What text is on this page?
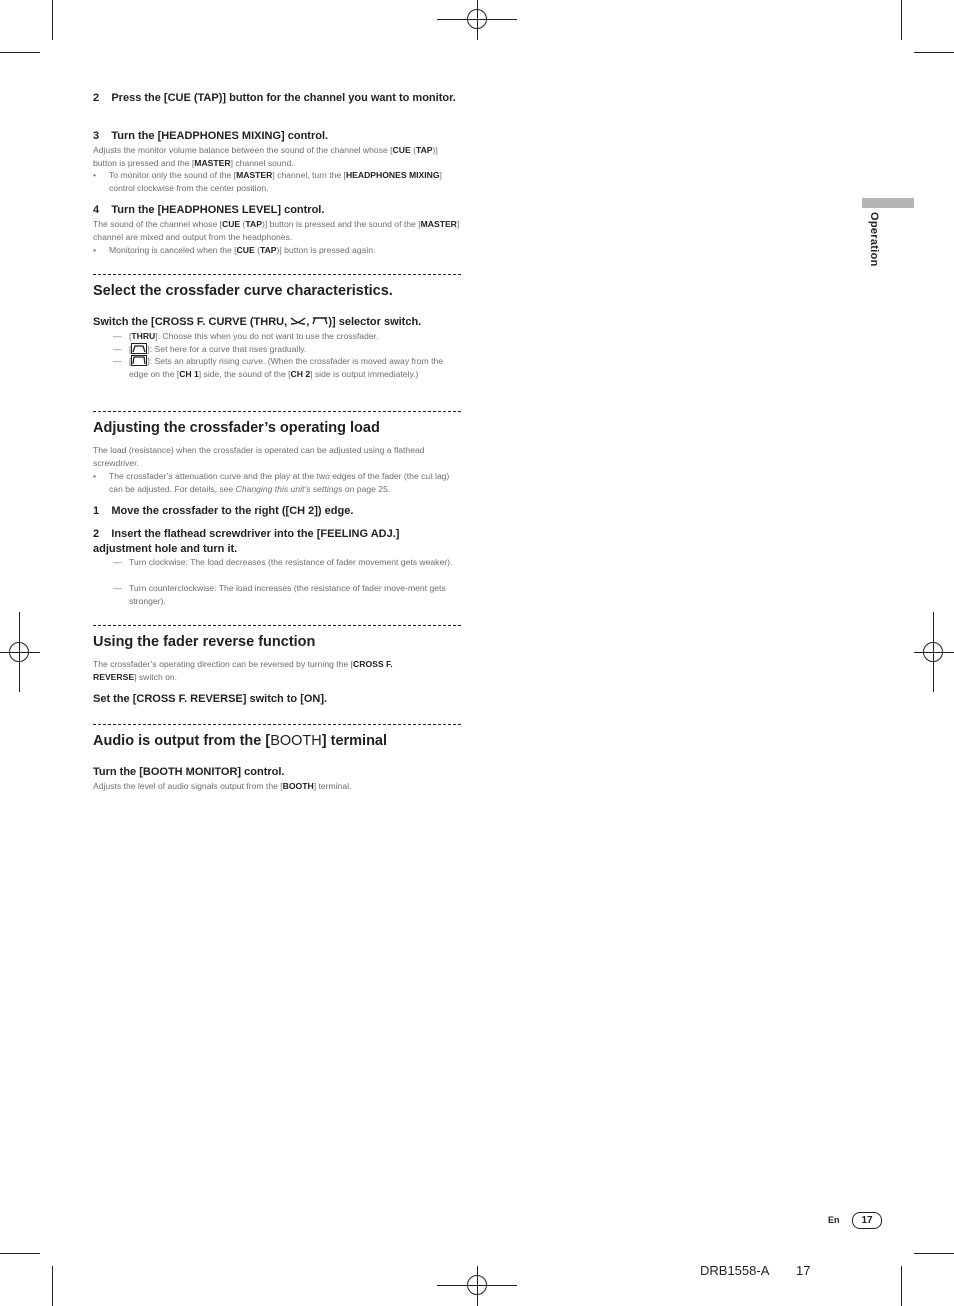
Operation
2    Press the [CUE (TAP)] button for the channel you want to monitor.
3    Turn the [HEADPHONES MIXING] control.
Adjusts the monitor volume balance between the sound of the channel whose [CUE (TAP)] button is pressed and the [MASTER] channel sound.
• To monitor only the sound of the [MASTER] channel, turn the [HEADPHONES MIXING] control clockwise from the center position.
4    Turn the [HEADPHONES LEVEL] control.
The sound of the channel whose [CUE (TAP)] button is pressed and the sound of the [MASTER] channel are mixed and output from the headphones.
• Monitoring is canceled when the [CUE (TAP)] button is pressed again.
Select the crossfader curve characteristics.
Switch the [CROSS F. CURVE (THRU, , )] selector switch.
— [THRU]: Choose this when you do not want to use the crossfader.
— [ ]: Set here for a curve that rises gradually.
— [ ]: Sets an abruptly rising curve. (When the crossfader is moved away from the edge on the [CH 1] side, the sound of the [CH 2] side is output immediately.)
Adjusting the crossfader’s operating load
The load (resistance) when the crossfader is operated can be adjusted using a flathead screwdriver.
• The crossfader’s attenuation curve and the play at the two edges of the fader (the cut lag) can be adjusted. For details, see Changing this unit’s settings on page 25.
1    Move the crossfader to the right ([CH 2]) edge.
2    Insert the flathead screwdriver into the [FEELING ADJ.] adjustment hole and turn it.
— Turn clockwise: The load decreases (the resistance of fader movement gets weaker).
— Turn counterclockwise: The load increases (the resistance of fader move-ment gets stronger).
Using the fader reverse function
The crossfader’s operating direction can be reversed by turning the [CROSS F. REVERSE] switch on.
Set the [CROSS F. REVERSE] switch to [ON].
Audio is output from the [BOOTH] terminal
Turn the [BOOTH MONITOR] control.
Adjusts the level of audio signals output from the [BOOTH] terminal.
En	17
DRB1558-A 17
